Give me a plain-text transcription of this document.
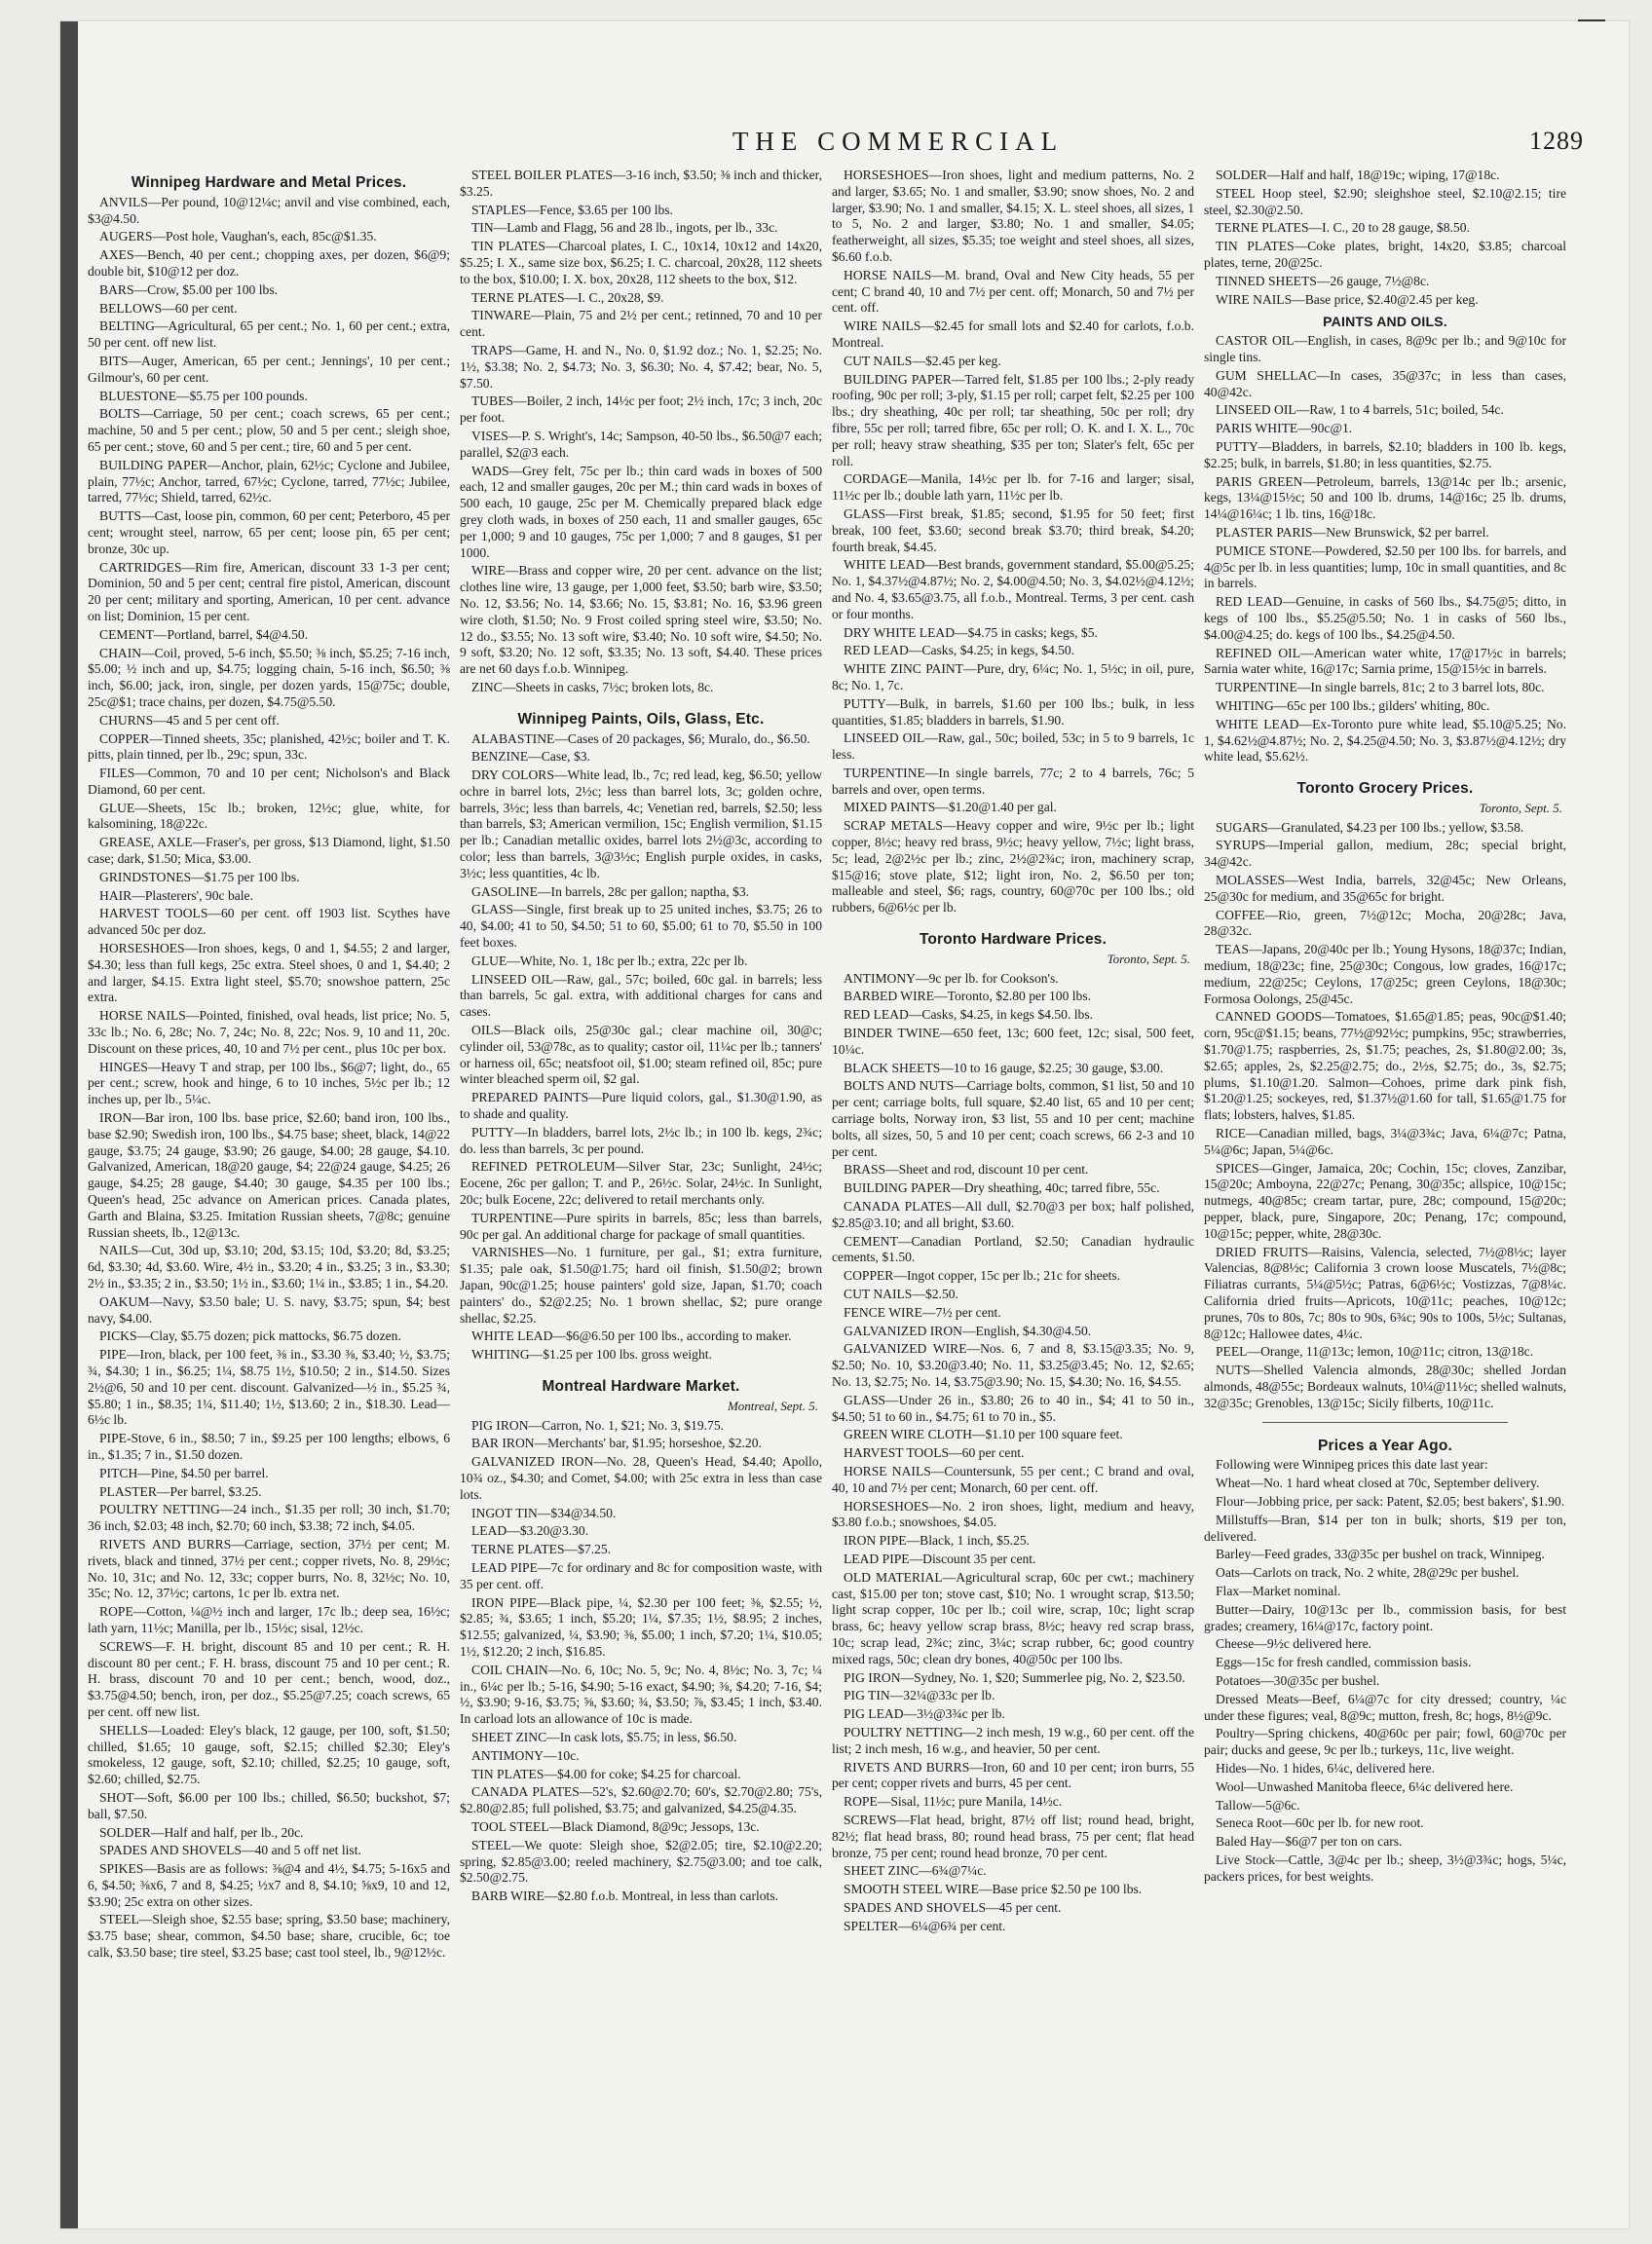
THE COMMERCIAL	1289
Winnipeg Hardware and Metal Prices.

ANVILS—Per pound, 10@12¼c; anvil and vise combined, each, $3@4.50.

AUGERS—Post hole, Vaughan's, each, 85c@$1.35.

AXES—Bench, 40 per cent.; chopping axes, per dozen, $6@9; double bit, $10@12 per doz.

BARS—Crow, $5.00 per 100 lbs.

BELLOWS—60 per cent.

BELTING—Agricultural, 65 per cent.; No. 1, 60 per cent.; extra, 50 per cent. off new list.

BITS—Auger, American, 65 per cent.; Jennings', 10 per cent.; Gilmour's, 60 per cent.

BLUESTONE—$5.75 per 100 pounds.

BOLTS—Carriage, 50 per cent.; coach screws, 65 per cent.; machine, 50 and 5 per cent.; plow, 50 and 5 per cent.; sleigh shoe, 65 per cent.; stove, 60 and 5 per cent.; tire, 60 and 5 per cent.

BUILDING PAPER—Anchor, plain, 62½c; Cyclone and Jubilee, plain, 77½c; Anchor, tarred, 67½c; Cyclone, tarred, 77½c; Jubilee, tarred, 77½c; Shield, tarred, 62½c.

BUTTS—Cast, loose pin, common, 60 per cent; Peterboro, 45 per cent; wrought steel, narrow, 65 per cent; loose pin, 65 per cent; bronze, 30c up.

CARTRIDGES—Rim fire, American, discount 33 1-3 per cent; Dominion, 50 and 5 per cent; central fire pistol, American, discount 20 per cent; military and sporting, American, 10 per cent. advance on list; Dominion, 15 per cent.

CEMENT—Portland, barrel, $4@4.50.

CHAIN—Coil, proved, 5-6 inch, $5.50; ⅜ inch, $5.25; 7-16 inch, $5.00; ½ inch and up, $4.75; logging chain, 5-16 inch, $6.50; ⅜ inch, $6.00; jack, iron, single, per dozen yards, 15@75c; double, 25c@$1; trace chains, per dozen, $4.75@5.50.

CHURNS—45 and 5 per cent off.

COPPER—Tinned sheets, 35c; planished, 42½c; boiler and T. K. pitts, plain tinned, per lb., 29c; spun, 33c.

FILES—Common, 70 and 10 per cent; Nicholson's and Black Diamond, 60 per cent.

GLUE—Sheets, 15c lb.; broken, 12½c; glue, white, for kalsomining, 18@22c.

GREASE, AXLE—Fraser's, per gross, $13 Diamond, light, $1.50 case; dark, $1.50; Mica, $3.00.

GRINDSTONES—$1.75 per 100 lbs.

HAIR—Plasterers', 90c bale.

HARVEST TOOLS—60 per cent. off 1903 list. Scythes have advanced 50c per doz.

HORSESHOES—Iron shoes, kegs, 0 and 1, $4.55; 2 and larger, $4.30; less than full kegs, 25c extra. Steel shoes, 0 and 1, $4.40; 2 and larger, $4.15. Extra light steel, $5.70; snowshoe pattern, 25c extra.

HORSE NAILS—Pointed, finished, oval heads, list price; No. 5, 33c lb.; No. 6, 28c; No. 7, 24c; No. 8, 22c; Nos. 9, 10 and 11, 20c. Discount on these prices, 40, 10 and 7½ per cent., plus 10c per box.

HINGES—Heavy T and strap, per 100 lbs., $6@7; light, do., 65 per cent.; screw, hook and hinge, 6 to 10 inches, 5½c per lb.; 12 inches up, per lb., 5¼c.

IRON—Bar iron, 100 lbs. base price, $2.60; band iron, 100 lbs., base $2.90; Swedish iron, 100 lbs., $4.75 base; sheet, black, 14@22 gauge, $3.75; 24 gauge, $3.90; 26 gauge, $4.00; 28 gauge, $4.10. Galvanized, American, 18@20 gauge, $4; 22@24 gauge, $4.25; 26 gauge, $4.25; 28 gauge, $4.40; 30 gauge, $4.35 per 100 lbs.; Queen's head, 25c advance on American prices. Canada plates, Garth and Blaina, $3.25. Imitation Russian sheets, 7@8c; genuine Russian sheets, lb., 12@13c.

NAILS—Cut, 30d up, $3.10; 20d, $3.15; 10d, $3.20; 8d, $3.25; 6d, $3.30; 4d, $3.60. Wire, 4½ in., $3.20; 4 in., $3.25; 3 in., $3.30; 2½ in., $3.35; 2 in., $3.50; 1½ in., $3.60; 1¼ in., $3.85; 1 in., $4.20.

OAKUM—Navy, $3.50 bale; U. S. navy, $3.75; spun, $4; best navy, $4.00.

PICKS—Clay, $5.75 dozen; pick mattocks, $6.75 dozen.

PIPE—Iron, black, per 100 feet, ⅜ in., $3.30 ⅜, $3.40; ½, $3.75; ¾, $4.30; 1 in., $6.25; 1¼, $8.75 1½, $10.50; 2 in., $14.50. Sizes 2½@6, 50 and 10 per cent. discount. Galvanized—½ in., $5.25 ¾, $5.80; 1 in., $8.35; 1¼, $11.40; 1½, $13.60; 2 in., $18.30. Lead—6½c lb.

PIPE-Stove, 6 in., $8.50; 7 in., $9.25 per 100 lengths; elbows, 6 in., $1.35; 7 in., $1.50 dozen.

PITCH—Pine, $4.50 per barrel.

PLASTER—Per barrel, $3.25.

POULTRY NETTING—24 inch., $1.35 per roll; 30 inch, $1.70; 36 inch, $2.03; 48 inch, $2.70; 60 inch, $3.38; 72 inch, $4.05.

RIVETS AND BURRS—Carriage, section, 37½ per cent; M. rivets, black and tinned, 37½ per cent.; copper rivets, No. 8, 29½c; No. 10, 31c; and No. 12, 33c; copper burrs, No. 8, 32½c; No. 10, 35c; No. 12, 37½c; cartons, 1c per lb. extra net.

ROPE—Cotton, ¼@½ inch and larger, 17c lb.; deep sea, 16½c; lath yarn, 11½c; Manilla, per lb., 15½c; sisal, 12½c.

SCREWS—F. H. bright, discount 85 and 10 per cent.; R. H. discount 80 per cent.; F. H. brass, discount 75 and 10 per cent.; R. H. brass, discount 70 and 10 per cent.; bench, wood, doz., $3.75@4.50; bench, iron, per doz., $5.25@7.25; coach screws, 65 per cent. off new list.

SHELLS—Loaded: Eley's black, 12 gauge, per 100, soft, $1.50; chilled, $1.65; 10 gauge, soft, $2.15; chilled $2.30; Eley's smokeless, 12 gauge, soft, $2.10; chilled, $2.25; 10 gauge, soft, $2.60; chilled, $2.75.

SHOT—Soft, $6.00 per 100 lbs.; chilled, $6.50; buckshot, $7; ball, $7.50.

SOLDER—Half and half, per lb., 20c.

SPADES AND SHOVELS—40 and 5 off net list.

SPIKES—Basis are as follows: ⅜@4 and 4½, $4.75; 5-16x5 and 6, $4.50; ⅜x6, 7 and 8, $4.25; ½x7 and 8, $4.10; ⅝x9, 10 and 12, $3.90; 25c extra on other sizes.

STEEL—Sleigh shoe, $2.55 base; spring, $3.50 base; machinery, $3.75 base; shear, common, $4.50 base; share, crucible, 6c; toe calk, $3.50 base; tire steel, $3.25 base; cast tool steel, lb., 9@12½c.

STEEL BOILER PLATES—3-16 inch, $3.50; ⅜ inch and thicker, $3.25.

STAPLES—Fence, $3.65 per 100 lbs.

TIN—Lamb and Flagg, 56 and 28 lb., ingots, per lb., 33c.

TIN PLATES—Charcoal plates, I. C., 10x14, 10x12 and 14x20, $5.25; I. X., same size box, $6.25; I. C. charcoal, 20x28, 112 sheets to the box, $10.00; I. X. box, 20x28, 112 sheets to the box, $12.

TERNE PLATES—I. C., 20x28, $9.

TINWARE—Plain, 75 and 2½ per cent.; retinned, 70 and 10 per cent.

TRAPS—Game, H. and N., No. 0, $1.92 doz.; No. 1, $2.25; No. 1½, $3.38; No. 2, $4.73; No. 3, $6.30; No. 4, $7.42; bear, No. 5, $7.50.

TUBES—Boiler, 2 inch, 14½c per foot; 2½ inch, 17c; 3 inch, 20c per foot.

VISES—P. S. Wright's, 14c; Sampson, 40-50 lbs., $6.50@7 each; parallel, $2@3 each.

WADS—Grey felt, 75c per lb.; thin card wads in boxes of 500 each, 12 and smaller gauges, 20c per M.; thin card wads in boxes of 500 each, 10 gauge, 25c per M. Chemically prepared black edge grey cloth wads, in boxes of 250 each, 11 and smaller gauges, 65c per 1,000; 9 and 10 gauges, 75c per 1,000; 7 and 8 gauges, $1 per 1000.

WIRE—Brass and copper wire, 20 per cent. advance on the list; clothes line wire, 13 gauge, per 1,000 feet, $3.50; barb wire, $3.50; No. 12, $3.56; No. 14, $3.66; No. 15, $3.81; No. 16, $3.96 green wire cloth, $1.50; No. 9 Frost coiled spring steel wire, $3.50; No. 12 do., $3.55; No. 13 soft wire, $3.40; No. 10 soft wire, $4.50; No. 9 soft, $3.20; No. 12 soft, $3.35; No. 13 soft, $4.40. These prices are net 60 days f.o.b. Winnipeg.

ZINC—Sheets in casks, 7½c; broken lots, 8c.

Winnipeg Paints, Oils, Glass, Etc.

ALABASTINE—Cases of 20 packages, $6; Muralo, do., $6.50.

BENZINE—Case, $3.

DRY COLORS—White lead, lb., 7c; red lead, keg, $6.50; yellow ochre in barrel lots, 2½c; less than barrel lots, 3c; golden ochre, barrels, 3½c; less than barrels, 4c; Venetian red, barrels, $2.50; less than barrels, $3; American vermilion, 15c; English vermilion, $1.15 per lb.; Canadian metallic oxides, barrel lots 2½@3c, according to color; less than barrels, 3@3½c; English purple oxides, in casks, 3½c; less quantities, 4c lb.

GASOLINE—In barrels, 28c per gallon; naptha, $3.

GLASS—Single, first break up to 25 united inches, $3.75; 26 to 40, $4.00; 41 to 50, $4.50; 51 to 60, $5.00; 61 to 70, $5.50 in 100 feet boxes.

GLUE—White, No. 1, 18c per lb.; extra, 22c per lb.

LINSEED OIL—Raw, gal., 57c; boiled, 60c gal. in barrels; less than barrels, 5c gal. extra, with additional charges for cans and cases.

OILS—Black oils, 25@30c gal.; clear machine oil, 30@c; cylinder oil, 53@78c, as to quality; castor oil, 11¼c per lb.; tanners' or harness oil, 65c; neatsfoot oil, $1.00; steam refined oil, 85c; pure winter bleached sperm oil, $2 gal.

PREPARED PAINTS—Pure liquid colors, gal., $1.30@1.90, as to shade and quality.

PUTTY—In bladders, barrel lots, 2½c lb.; in 100 lb. kegs, 2¾c; do. less than barrels, 3c per pound.

REFINED PETROLEUM—Silver Star, 23c; Sunlight, 24½c; Eocene, 26c per gallon; T. and P., 26½c. Solar, 24½c. In Sunlight, 20c; bulk Eocene, 22c; delivered to retail merchants only.

TURPENTINE—Pure spirits in barrels, 85c; less than barrels, 90c per gal. An additional charge for package of small quantities.

VARNISHES—No. 1 furniture, per gal., $1; extra furniture, $1.35; pale oak, $1.50@1.75; hard oil finish, $1.50@2; brown Japan, 90c@1.25; house painters' gold size, Japan, $1.70; coach painters' do., $2@2.25; No. 1 brown shellac, $2; pure orange shellac, $2.25.

WHITE LEAD—$6@6.50 per 100 lbs., according to maker.

WHITING—$1.25 per 100 lbs. gross weight.

Montreal Hardware Market.
Montreal, Sept. 5.

PIG IRON—Carron, No. 1, $21; No. 3, $19.75.

BAR IRON—Merchants' bar, $1.95; horseshoe, $2.20.

GALVANIZED IRON—No. 28, Queen's Head, $4.40; Apollo, 10¾ oz., $4.30; and Comet, $4.00; with 25c extra in less than case lots.

INGOT TIN—$34@34.50.

LEAD—$3.20@3.30.

TERNE PLATES—$7.25.

LEAD PIPE—7c for ordinary and 8c for composition waste, with 35 per cent. off.

IRON PIPE—Black pipe, ¼, $2.30 per 100 feet; ⅜, $2.55; ½, $2.85; ¾, $3.65; 1 inch, $5.20; 1¼, $7.35; 1½, $8.95; 2 inches, $12.55; galvanized, ¼, $3.90; ⅜, $5.00; 1 inch, $7.20; 1¼, $10.05; 1½, $12.20; 2 inch, $16.85.

COIL CHAIN—No. 6, 10c; No. 5, 9c; No. 4, 8½c; No. 3, 7c; ¼ in., 6¼c per lb.; 5-16, $4.90; 5-16 exact, $4.90; ⅜, $4.20; 7-16, $4; ½, $3.90; 9-16, $3.75; ⅝, $3.60; ¾, $3.50; ⅞, $3.45; 1 inch, $3.40. In carload lots an allowance of 10c is made.

SHEET ZINC—In cask lots, $5.75; in less, $6.50.

ANTIMONY—10c.

TIN PLATES—$4.00 for coke; $4.25 for charcoal.

CANADA PLATES—52's, $2.60@2.70; 60's, $2.70@2.80; 75's, $2.80@2.85; full polished, $3.75; and galvanized, $4.25@4.35.

TOOL STEEL—Black Diamond, 8@9c; Jessops, 13c.

STEEL—We quote: Sleigh shoe, $2@2.05; tire, $2.10@2.20; spring, $2.85@3.00; reeled machinery, $2.75@3.00; and toe calk, $2.50@2.75.

BARB WIRE—$2.80 f.o.b. Montreal, in less than carlots.

HORSESHOES—Iron shoes, light and medium patterns, No. 2 and larger, $3.65; No. 1 and smaller, $3.90; snow shoes, No. 2 and larger, $3.90; No. 1 and smaller, $4.15; X. L. steel shoes, all sizes, 1 to 5, No. 2 and larger, $3.80; No. 1 and smaller, $4.05; featherweight, all sizes, $5.35; toe weight and steel shoes, all sizes, $6.60 f.o.b.

HORSE NAILS—M. brand, Oval and New City heads, 55 per cent; C brand 40, 10 and 7½ per cent. off; Monarch, 50 and 7½ per cent. off.

WIRE NAILS—$2.45 for small lots and $2.40 for carlots, f.o.b. Montreal.

CUT NAILS—$2.45 per keg.

BUILDING PAPER—Tarred felt, $1.85 per 100 lbs.; 2-ply ready roofing, 90c per roll; 3-ply, $1.15 per roll; carpet felt, $2.25 per 100 lbs.; dry sheathing, 40c per roll; tar sheathing, 50c per roll; dry fibre, 55c per roll; tarred fibre, 65c per roll; O. K. and I. X. L., 70c per roll; heavy straw sheathing, $35 per ton; Slater's felt, 65c per roll.

CORDAGE—Manila, 14½c per lb. for 7-16 and larger; sisal, 11½c per lb.; double lath yarn, 11½c per lb.

GLASS—First break, $1.85; second, $1.95 for 50 feet; first break, 100 feet, $3.60; second break $3.70; third break, $4.20; fourth break, $4.45.

WHITE LEAD—Best brands, government standard, $5.00@5.25; No. 1, $4.37½@4.87½; No. 2, $4.00@4.50; No. 3, $4.02½@4.12½; and No. 4, $3.65@3.75, all f.o.b., Montreal. Terms, 3 per cent. cash or four months.

DRY WHITE LEAD—$4.75 in casks; kegs, $5.

RED LEAD—Casks, $4.25; in kegs, $4.50.

WHITE ZINC PAINT—Pure, dry, 6¼c; No. 1, 5½c; in oil, pure, 8c; No. 1, 7c.

PUTTY—Bulk, in barrels, $1.60 per 100 lbs.; bulk, in less quantities, $1.85; bladders in barrels, $1.90.

LINSEED OIL—Raw, gal., 50c; boiled, 53c; in 5 to 9 barrels, 1c less.

TURPENTINE—In single barrels, 77c; 2 to 4 barrels, 76c; 5 barrels and over, open terms.

MIXED PAINTS—$1.20@1.40 per gal.

SCRAP METALS—Heavy copper and wire, 9½c per lb.; light copper, 8½c; heavy red brass, 9½c; heavy yellow, 7½c; light brass, 5c; lead, 2@2½c per lb.; zinc, 2½@2¾c; iron, machinery scrap, $15@16; stove plate, $12; light iron, No. 2, $6.50 per ton; malleable and steel, $6; rags, country, 60@70c per 100 lbs.; old rubbers, 6@6½c per lb.

Toronto Hardware Prices.
Toronto, Sept. 5.

ANTIMONY—9c per lb. for Cookson's.

BARBED WIRE—Toronto, $2.80 per 100 lbs.

RED LEAD—Casks, $4.25, in kegs $4.50. lbs.

BINDER TWINE—650 feet, 13c; 600 feet, 12c; sisal, 500 feet, 10¼c.

BLACK SHEETS—10 to 16 gauge, $2.25; 30 gauge, $3.00.

BOLTS AND NUTS—Carriage bolts, common, $1 list, 50 and 10 per cent; carriage bolts, full square, $2.40 list, 65 and 10 per cent; carriage bolts, Norway iron, $3 list, 55 and 10 per cent; machine bolts, all sizes, 50, 5 and 10 per cent; coach screws, 66 2-3 and 10 per cent.

BRASS—Sheet and rod, discount 10 per cent.

BUILDING PAPER—Dry sheathing, 40c; tarred fibre, 55c.

CANADA PLATES—All dull, $2.70@3 per box; half polished, $2.85@3.10; and all bright, $3.60.

CEMENT—Canadian Portland, $2.50; Canadian hydraulic cements, $1.50.

COPPER—Ingot copper, 15c per lb.; 21c for sheets.

CUT NAILS—$2.50.

FENCE WIRE—7½ per cent.

GALVANIZED IRON—English, $4.30@4.50.

GALVANIZED WIRE—Nos. 6, 7 and 8, $3.15@3.35; No. 9, $2.50; No. 10, $3.20@3.40; No. 11, $3.25@3.45; No. 12, $2.65; No. 13, $2.75; No. 14, $3.75@3.90; No. 15, $4.30; No. 16, $4.55.

GLASS—Under 26 in., $3.80; 26 to 40 in., $4; 41 to 50 in., $4.50; 51 to 60 in., $4.75; 61 to 70 in., $5.

GREEN WIRE CLOTH—$1.10 per 100 square feet.

HARVEST TOOLS—60 per cent.

HORSE NAILS—Countersunk, 55 per cent.; C brand and oval, 40, 10 and 7½ per cent; Monarch, 60 per cent. off.

HORSESHOES—No. 2 iron shoes, light, medium and heavy, $3.80 f.o.b.; snowshoes, $4.05.

IRON PIPE—Black, 1 inch, $5.25.

LEAD PIPE—Discount 35 per cent.

OLD MATERIAL—Agricultural scrap, 60c per cwt.; machinery cast, $15.00 per ton; stove cast, $10; No. 1 wrought scrap, $13.50; light scrap copper, 10c per lb.; coil wire, scrap, 10c; light scrap brass, 6c; heavy yellow scrap brass, 8½c; heavy red scrap brass, 10c; scrap lead, 2¾c; zinc, 3¼c; scrap rubber, 6c; good country mixed rags, 50c; clean dry bones, 40@50c per 100 lbs.

PIG IRON—Sydney, No. 1, $20; Summerlee pig, No. 2, $23.50.

PIG TIN—32¼@33c per lb.

PIG LEAD—3½@3¾c per lb.

POULTRY NETTING—2 inch mesh, 19 w.g., 60 per cent. off the list; 2 inch mesh, 16 w.g., and heavier, 50 per cent.

RIVETS AND BURRS—Iron, 60 and 10 per cent; iron burrs, 55 per cent; copper rivets and burrs, 45 per cent.

ROPE—Sisal, 11½c; pure Manila, 14½c.

SCREWS—Flat head, bright, 87½ off list; round head, bright, 82½; flat head brass, 80; round head brass, 75 per cent; flat head bronze, 75 per cent; round head bronze, 70 per cent.

SHEET ZINC—6¾@7¼c.

SMOOTH STEEL WIRE—Base price $2.50 pe 100 lbs.

SPADES AND SHOVELS—45 per cent.

SPELTER—6¼@6¾ per cent.

SOLDER—Half and half, 18@19c; wiping, 17@18c.

STEEL Hoop steel, $2.90; sleighshoe steel, $2.10@2.15; tire steel, $2.30@2.50.

TERNE PLATES—I. C., 20 to 28 gauge, $8.50.

TIN PLATES—Coke plates, bright, 14x20, $3.85; charcoal plates, terne, 20@25c.

TINNED SHEETS—26 gauge, 7½@8c.

WIRE NAILS—Base price, $2.40@2.45 per keg.

PAINTS AND OILS.

CASTOR OIL—English, in cases, 8@9c per lb.; and 9@10c for single tins.

GUM SHELLAC—In cases, 35@37c; in less than cases, 40@42c.

LINSEED OIL—Raw, 1 to 4 barrels, 51c; boiled, 54c.

PARIS WHITE—90c@1.

PUTTY—Bladders, in barrels, $2.10; bladders in 100 lb. kegs, $2.25; bulk, in barrels, $1.80; in less quantities, $2.75.

PARIS GREEN—Petroleum, barrels, 13@14c per lb.; arsenic, kegs, 13¼@15½c; 50 and 100 lb. drums, 14@16c; 25 lb. drums, 14¼@16¼c; 1 lb. tins, 16@18c.

PLASTER PARIS—New Brunswick, $2 per barrel.

PUMICE STONE—Powdered, $2.50 per 100 lbs. for barrels, and 4@5c per lb. in less quantities; lump, 10c in small quantities, and 8c in barrels.

RED LEAD—Genuine, in casks of 560 lbs., $4.75@5; ditto, in kegs of 100 lbs., $5.25@5.50; No. 1 in casks of 560 lbs., $4.00@4.25; do. kegs of 100 lbs., $4.25@4.50.

REFINED OIL—American water white, 17@17½c in barrels; Sarnia water white, 16@17c; Sarnia prime, 15@15½c in barrels.

TURPENTINE—In single barrels, 81c; 2 to 3 barrel lots, 80c.

WHITING—65c per 100 lbs.; gilders' whiting, 80c.

WHITE LEAD—Ex-Toronto pure white lead, $5.10@5.25; No. 1, $4.62½@4.87½; No. 2, $4.25@4.50; No. 3, $3.87½@4.12½; dry white lead, $5.62½.

Toronto Grocery Prices.
Toronto, Sept. 5.

SUGARS—Granulated, $4.23 per 100 lbs.; yellow, $3.58.

SYRUPS—Imperial gallon, medium, 28c; special bright, 34@42c.

MOLASSES—West India, barrels, 32@45c; New Orleans, 25@30c for medium, and 35@65c for bright.

COFFEE—Rio, green, 7½@12c; Mocha, 20@28c; Java, 28@32c.

TEAS—Japans, 20@40c per lb.; Young Hysons, 18@37c; Indian, medium, 18@23c; fine, 25@30c; Congous, low grades, 16@17c; medium, 22@25c; Ceylons, 17@25c; green Ceylons, 18@30c; Formosa Oolongs, 25@45c.

CANNED GOODS—Tomatoes, $1.65@1.85; peas, 90c@$1.40; corn, 95c@$1.15; beans, 77½@92½c; pumpkins, 95c; strawberries, $1.70@1.75; raspberries, 2s, $1.75; peaches, 2s, $1.80@2.00; 3s, $2.65; apples, 2s, $2.25@2.75; do., 2½s, $2.75; do., 3s, $2.75; plums, $1.10@1.20. Salmon—Cohoes, prime dark pink fish, $1.20@1.25; sockeyes, red, $1.37½@1.60 for tall, $1.65@1.75 for flats; lobsters, halves, $1.85.

RICE—Canadian milled, bags, 3¼@3¾c; Java, 6¼@7c; Patna, 5¼@6c; Japan, 5¼@6c.

SPICES—Ginger, Jamaica, 20c; Cochin, 15c; cloves, Zanzibar, 15@20c; Amboyna, 22@27c; Penang, 30@35c; allspice, 10@15c; nutmegs, 40@85c; cream tartar, pure, 28c; compound, 15@20c; pepper, black, pure, Singapore, 20c; Penang, 17c; compound, 10@15c; pepper, white, 28@30c.

DRIED FRUITS—Raisins, Valencia, selected, 7½@8½c; layer Valencias, 8@8½c; California 3 crown loose Muscatels, 7½@8c; Filiatras currants, 5¼@5½c; Patras, 6@6½c; Vostizzas, 7@8¼c. California dried fruits—Apricots, 10@11c; peaches, 10@12c; prunes, 70s to 80s, 7c; 80s to 90s, 6¾c; 90s to 100s, 5½c; Sultanas, 8@12c; Hallowee dates, 4¼c.

PEEL—Orange, 11@13c; lemon, 10@11c; citron, 13@18c.

NUTS—Shelled Valencia almonds, 28@30c; shelled Jordan almonds, 48@55c; Bordeaux walnuts, 10¼@11½c; shelled walnuts, 32@35c; Grenobles, 13@15c; Sicily filberts, 10@11c.

Prices a Year Ago.

Following were Winnipeg prices this date last year:

Wheat—No. 1 hard wheat closed at 70c, September delivery.

Flour—Jobbing price, per sack: Patent, $2.05; best bakers', $1.90.

Millstuffs—Bran, $14 per ton in bulk; shorts, $19 per ton, delivered.

Barley—Feed grades, 33@35c per bushel on track, Winnipeg.

Oats—Carlots on track, No. 2 white, 28@29c per bushel.

Flax—Market nominal.

Butter—Dairy, 10@13c per lb., commission basis, for best grades; creamery, 16¼@17c, factory point.

Cheese—9½c delivered here.

Eggs—15c for fresh candled, commission basis.

Potatoes—30@35c per bushel.

Dressed Meats—Beef, 6¼@7c for city dressed; country, ¼c under these figures; veal, 8@9c; mutton, fresh, 8c; hogs, 8½@9c.

Poultry—Spring chickens, 40@60c per pair; fowl, 60@70c per pair; ducks and geese, 9c per lb.; turkeys, 11c, live weight.

Hides—No. 1 hides, 6¼c, delivered here.

Wool—Unwashed Manitoba fleece, 6¼c delivered here.

Tallow—5@6c.

Seneca Root—60c per lb. for new root.

Baled Hay—$6@7 per ton on cars.

Live Stock—Cattle, 3@4c per lb.; sheep, 3½@3¾c; hogs, 5¼c, packers prices, for best weights.
